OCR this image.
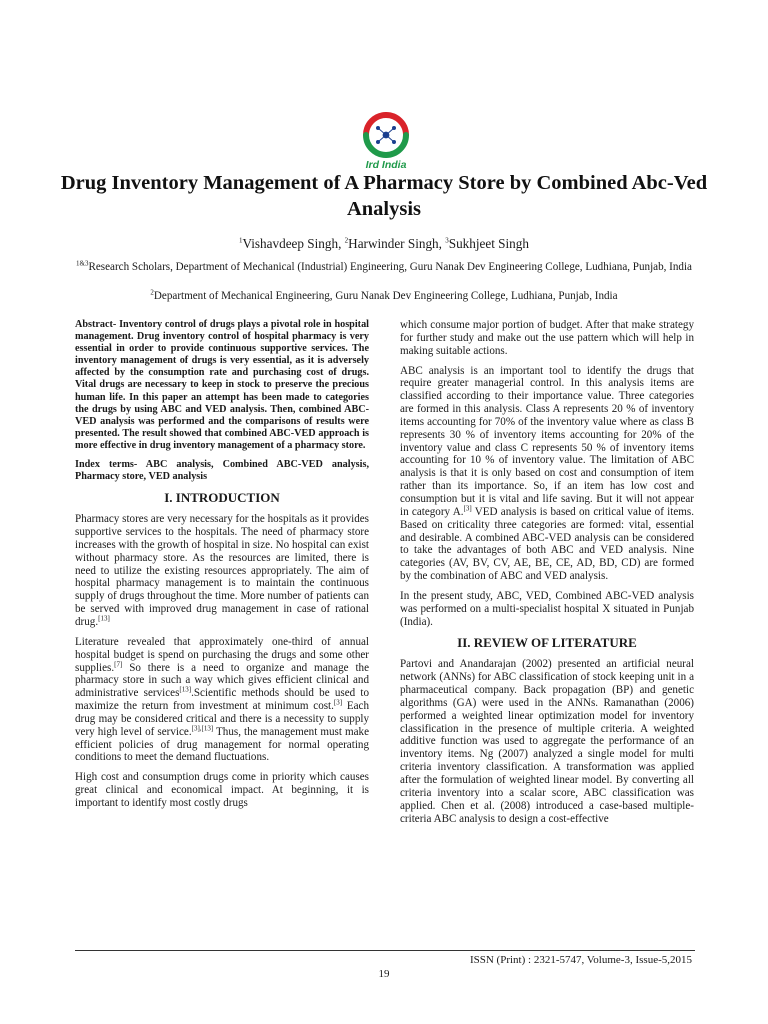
Ird India
Drug Inventory Management of A Pharmacy Store by Combined Abc-Ved Analysis
$^1$Vishavdeep Singh, $^2$Harwinder Singh, $^3$Sukhjeet Singh
$^{1\&3}$Research Scholars, Department of Mechanical (Industrial) Engineering, Guru Nanak Dev Engineering College, Ludhiana, Punjab, India
$^2$Department of Mechanical Engineering, Guru Nanak Dev Engineering College, Ludhiana, Punjab, India

Abstract- Inventory control of drugs plays a pivotal role in hospital management. Drug inventory control of hospital pharmacy is very essential in order to provide continuous supportive services. The inventory management of drugs is very essential, as it is adversely affected by the consumption rate and purchasing cost of drugs. Vital drugs are necessary to keep in stock to preserve the precious human life. In this paper an attempt has been made to categories the drugs by using ABC and VED analysis. Then, combined ABC-VED analysis was performed and the comparisons of results were presented. The result showed that combined ABC-VED approach is more effective in drug inventory management of a pharmacy store.

Index terms- ABC analysis, Combined ABC-VED analysis, Pharmacy store, VED analysis

I. INTRODUCTION

Pharmacy stores are very necessary for the hospitals as it provides supportive services to the hospitals. The need of pharmacy store increases with the growth of hospital in size. No hospital can exist without pharmacy store. As the resources are limited, there is need to utilize the existing resources appropriately. The aim of hospital pharmacy management is to maintain the continuous supply of drugs throughout the time. More number of patients can be served with improved drug management in case of rational drug.[13]

Literature revealed that approximately one-third of annual hospital budget is spend on purchasing the drugs and some other supplies.[7] So there is a need to organize and manage the pharmacy store in such a way which gives efficient clinical and administrative services[13].Scientific methods should be used to maximize the return from investment at minimum cost.[3] Each drug may be considered critical and there is a necessity to supply very high level of service.[3],[13] Thus, the management must make efficient policies of drug management for normal operating conditions to meet the demand fluctuations.

High cost and consumption drugs come in priority which causes great clinical and economical impact. At beginning, it is important to identify most costly drugs

which consume major portion of budget. After that make strategy for further study and make out the use pattern which will help in making suitable actions.

ABC analysis is an important tool to identify the drugs that require greater managerial control. In this analysis items are classified according to their importance value. Three categories are formed in this analysis. Class A represents 20 % of inventory items accounting for 70% of the inventory value where as class B represents 30 % of inventory items accounting for 20% of the inventory value and class C represents 50 % of inventory items accounting for 10 % of inventory value. The limitation of ABC analysis is that it is only based on cost and consumption of item rather than its importance. So, if an item has low cost and consumption but it is vital and life saving. But it will not appear in category A.[3] VED analysis is based on critical value of items. Based on criticality three categories are formed: vital, essential and desirable. A combined ABC-VED analysis can be considered to take the advantages of both ABC and VED analysis. Nine categories (AV, BV, CV, AE, BE, CE, AD, BD, CD) are formed by the combination of ABC and VED analysis.

In the present study, ABC, VED, Combined ABC-VED analysis was performed on a multi-specialist hospital X situated in Punjab (India).

II. REVIEW OF LITERATURE

Partovi and Anandarajan (2002) presented an artificial neural network (ANNs) for ABC classification of stock keeping unit in a pharmaceutical company. Back propagation (BP) and genetic algorithms (GA) were used in the ANNs. Ramanathan (2006) performed a weighted linear optimization model for inventory classification in the presence of multiple criteria. A weighted additive function was used to aggregate the performance of an inventory items. Ng (2007) analyzed a single model for multi criteria inventory classification. A transformation was applied after the formulation of weighted linear model. By converting all criteria inventory into a scalar score, ABC classification was applied. Chen et al. (2008) introduced a case-based multiple-criteria ABC analysis to design a cost-effective

ISSN (Print) : 2321-5747, Volume-3, Issue-5,2015
19
